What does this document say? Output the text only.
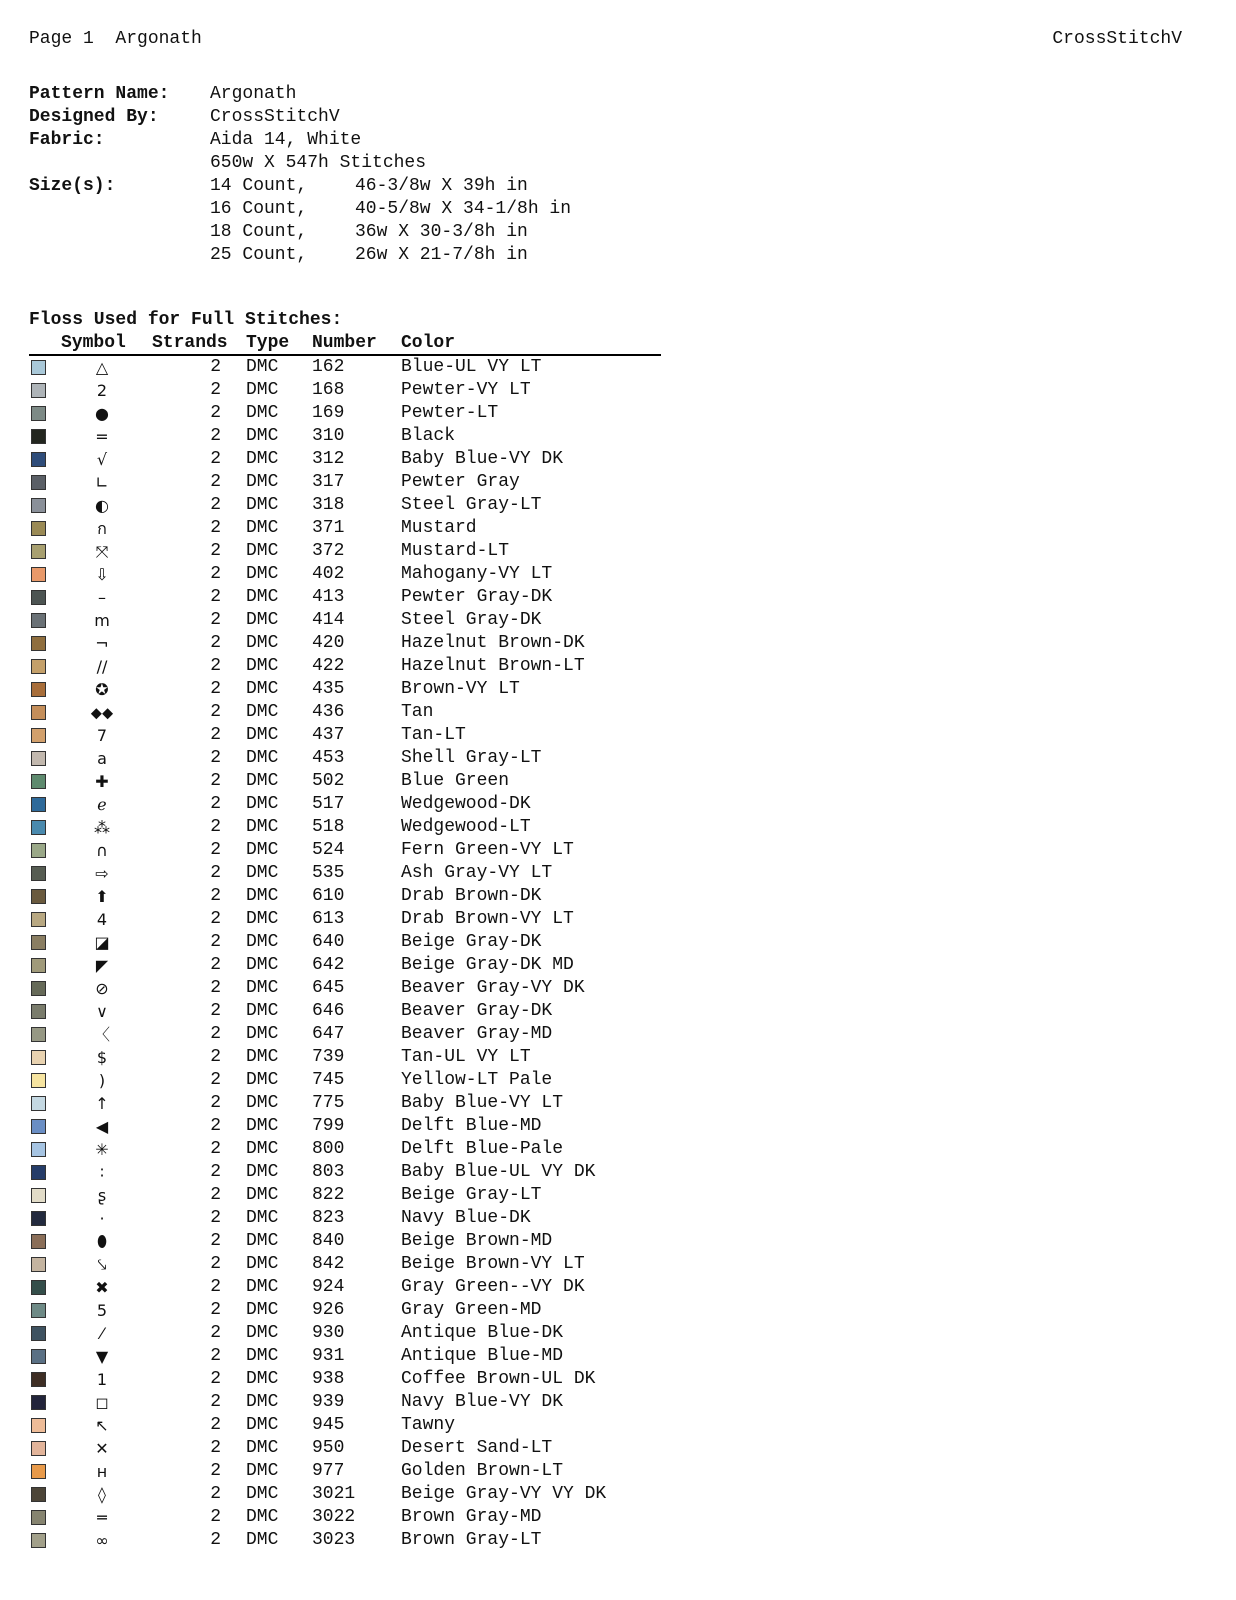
Page 1  Argonath	CrossStitchV

Pattern Name:

Argonath

Designed By:

	CrossStitchV

Fabric:

	Aida 14, White

650w X 547h Stitches

Size(s):	14 Count,	46-3/8w X 39h in
16 Count,	40-5/8w X 34-1/8h in
18 Count,	36w X 30-3/8h in
25 Count,	26w X 21-7/8h in
Floss Used for Full Stitches:
Symbol Strands Type Number Color
△	2 DMC 162	Blue-UL VY LT
2	2 DMC 168	Pewter-VY LT
●	2 DMC 169	Pewter-LT
=	2 DMC 310	Black
√	2 DMC 312	Baby Blue-VY DK
∟	2 DMC 317	Pewter Gray
◐	2 DMC 318	Steel Gray-LT
ก	2 DMC 371	Mustard
⤧	2 DMC 372	Mustard-LT
⇩	2 DMC 402	Mahogany-VY LT
–	2 DMC 413	Pewter Gray-DK
m	2 DMC 414	Steel Gray-DK
¬	2 DMC 420	Hazelnut Brown-DK
//	2 DMC 422	Hazelnut Brown-LT
✪	2 DMC 435	Brown-VY LT
⬥⬥	2 DMC 436	Tan
7	2 DMC 437	Tan-LT
a	2 DMC 453	Shell Gray-LT
✚	2 DMC 502	Blue Green
ℯ	2 DMC 517	Wedgewood-DK
⁂	2 DMC 518	Wedgewood-LT
∩	2 DMC 524	Fern Green-VY LT
⇨	2 DMC 535	Ash Gray-VY LT
⬆	2 DMC 610	Drab Brown-DK
4	2 DMC 613	Drab Brown-VY LT
◪	2 DMC 640	Beige Gray-DK
◤	2 DMC 642	Beige Gray-DK MD
⊘	2 DMC 645	Beaver Gray-VY DK
∨	2 DMC 646	Beaver Gray-DK
〈	2 DMC 647	Beaver Gray-MD
$	2 DMC 739	Tan-UL VY LT
)	2 DMC 745	Yellow-LT Pale
↑	2 DMC 775	Baby Blue-VY LT
◀	2 DMC 799	Delft Blue-MD
✳	2 DMC 800	Delft Blue-Pale
∶	2 DMC 803	Baby Blue-UL VY DK
ʂ	2 DMC 822	Beige Gray-LT
·	2 DMC 823	Navy Blue-DK
⬮	2 DMC 840	Beige Brown-MD
⤥	2 DMC 842	Beige Brown-VY LT
✖	2 DMC 924	Gray Green--VY DK
5	2 DMC 926	Gray Green-MD
⁄	2 DMC 930	Antique Blue-DK
▼	2 DMC 931	Antique Blue-MD
1	2 DMC 938	Coffee Brown-UL DK
◻	2 DMC 939	Navy Blue-VY DK
↖	2 DMC 945	Tawny
✕	2 DMC 950	Desert Sand-LT
ʜ	2 DMC 977	Golden Brown-LT
◊	2 DMC 3021	Beige Gray-VY VY DK
═	2 DMC 3022	Brown Gray-MD
∞	2 DMC 3023	Brown Gray-LT
